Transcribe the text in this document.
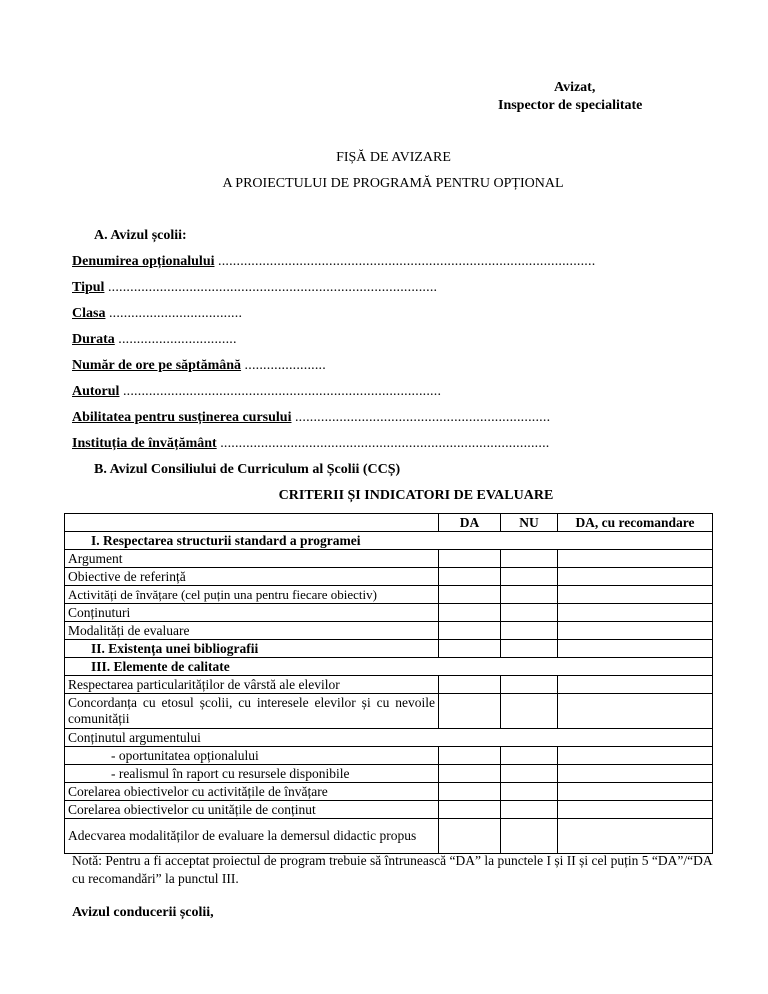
Avizat,
Inspector de specialitate
FIȘĂ DE AVIZARE
A PROIECTULUI DE PROGRAMĂ PENTRU OPȚIONAL
A. Avizul școlii:
Denumirea opționalului ......................................................................................................
Tipul .........................................................................................
Clasa ....................................
Durata ................................
Număr de ore pe săptămână ......................
Autorul ......................................................................................
Abilitatea pentru susținerea cursului .....................................................................
Instituția de învățământ .........................................................................................
B. Avizul Consiliului de Curriculum al Școlii (CCȘ)
CRITERII ȘI INDICATORI DE EVALUARE
	DA	NU	DA, cu recomandare
I. Respectarea structurii standard a programei			
Argument			
Obiective de referință			
Activități de învățare (cel puțin una pentru fiecare obiectiv)			
Conținuturi			
Modalități de evaluare			
II. Existența unei bibliografii			
III. Elemente de calitate			
Respectarea particularităților de vârstă ale elevilor			
Concordanța cu etosul școlii, cu interesele elevilor și cu nevoile comunității			
Conținutul argumentului			
- oportunitatea opționalului			
- realismul în raport cu resursele disponibile			
Corelarea obiectivelor cu activitățile de învățare			
Corelarea obiectivelor cu unitățile de conținut			
Adecvarea modalităților de evaluare la demersul didactic propus			
Notă: Pentru a fi acceptat proiectul de program trebuie să întrunească “DA” la punctele I și II și cel puțin 5 “DA”/“DA cu recomandări” la punctul III.
Avizul conducerii școlii,
